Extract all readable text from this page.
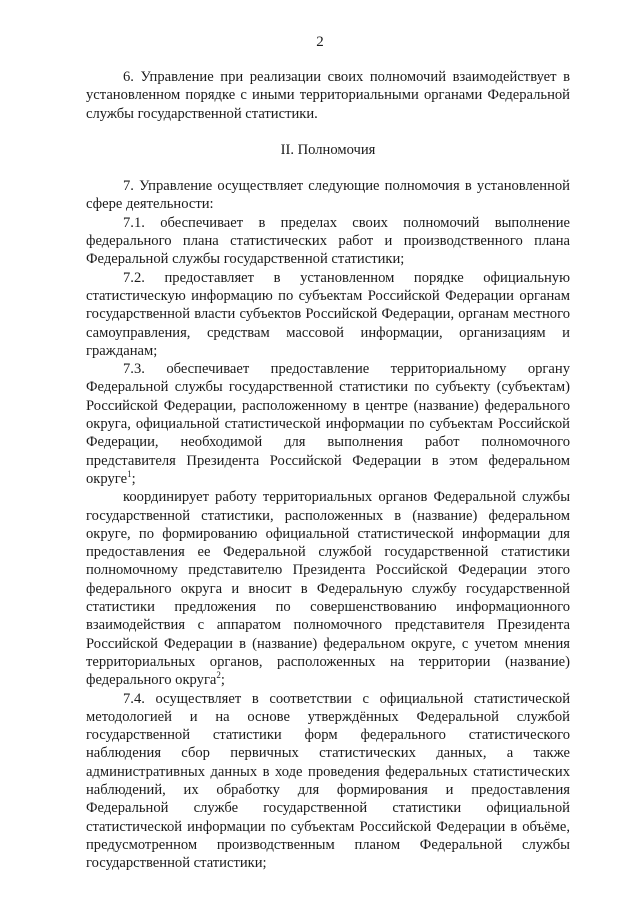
2

6. Управление при реализации своих полномочий взаимодействует в установленном порядке с иными территориальными органами Федеральной службы государственной статистики.

II. Полномочия

7. Управление осуществляет следующие полномочия в установленной сфере деятельности:

7.1. обеспечивает в пределах своих полномочий выполнение федерального плана статистических работ и производственного плана Федеральной службы государственной статистики;

7.2. предоставляет в установленном порядке официальную статистическую информацию по субъектам Российской Федерации органам государственной власти субъектов Российской Федерации, органам местного самоуправления, средствам массовой информации, организациям и гражданам;

7.3. обеспечивает предоставление территориальному органу Федеральной службы государственной статистики по субъекту (субъектам) Российской Федерации, расположенному в центре (название) федерального округа, официальной статистической информации по субъектам Российской Федерации, необходимой для выполнения работ полномочного представителя Президента Российской Федерации в этом федеральном округе$^1$;

координирует работу территориальных органов Федеральной службы государственной статистики, расположенных в (название) федеральном округе, по формированию официальной статистической информации для предоставления ее Федеральной службой государственной статистики полномочному представителю Президента Российской Федерации этого федерального округа и вносит в Федеральную службу государственной статистики предложения по совершенствованию информационного взаимодействия с аппаратом полномочного представителя Президента Российской Федерации в (название) федеральном округе, с учетом мнения территориальных органов, расположенных на территории (название) федерального округа$^2$;

7.4. осуществляет в соответствии с официальной статистической методологией и на основе утверждённых Федеральной службой государственной статистики форм федерального статистического наблюдения сбор первичных статистических данных, а также административных данных в ходе проведения федеральных статистических наблюдений, их обработку для формирования и предоставления Федеральной службе государственной статистики официальной статистической информации по субъектам Российской Федерации в объёме, предусмотренном производственным планом Федеральной службы государственной статистики;
